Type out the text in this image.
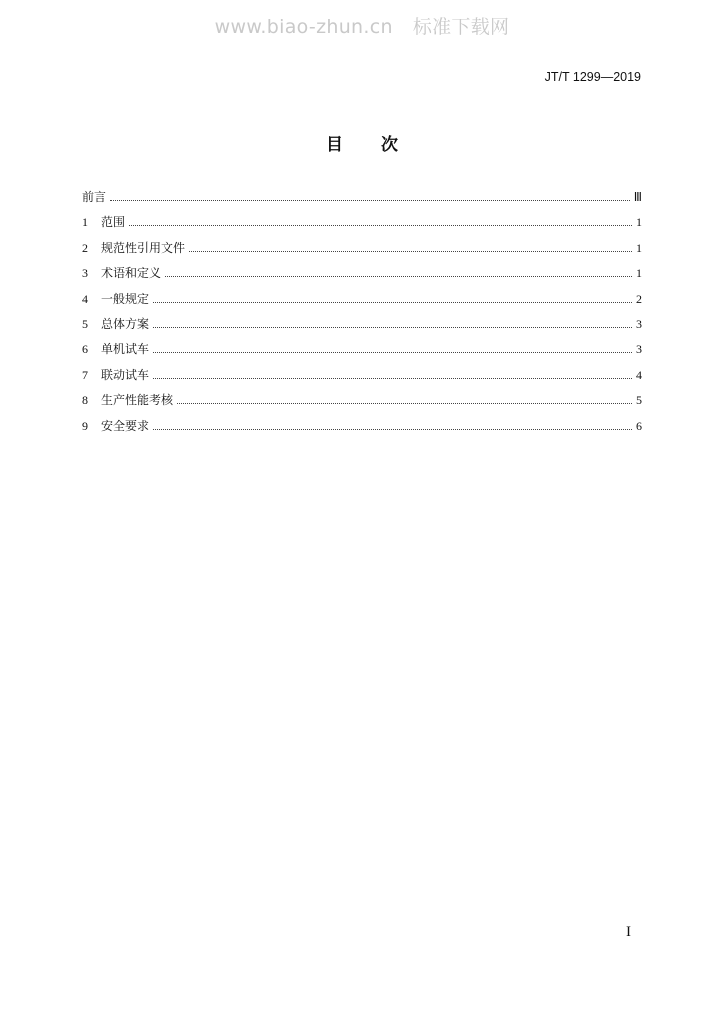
www.biao-zhun.cn 标准下载网
JT/T 1299—2019
目次
前言	Ⅲ
1	范围	1
2	规范性引用文件	1
3	术语和定义	1
4	一般规定	2
5	总体方案	3
6	单机试车	3
7	联动试车	4
8	生产性能考核	5
9	安全要求	6
I
